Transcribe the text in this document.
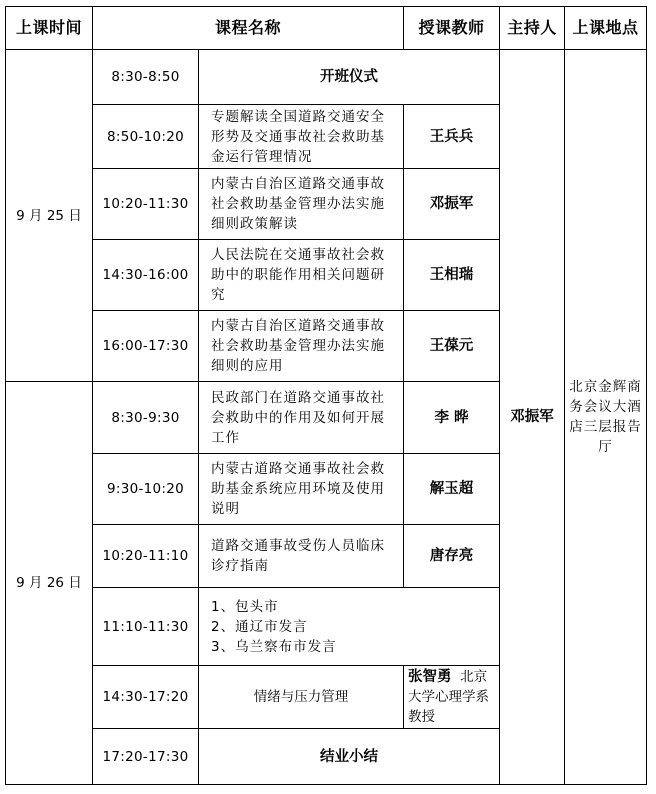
上课时间	课程名称		授课教师	主持人	上课地点
9 月 25 日	8:30-8:50	开班仪式		邓振军	北京金辉商务会议大酒店三层报告厅
	8:50-10:20	专题解读全国道路交通安全形势及交通事故社会救助基金运行管理情况	王兵兵		
	10:20-11:30	内蒙古自治区道路交通事故社会救助基金管理办法实施细则政策解读	邓振军		
	14:30-16:00	人民法院在交通事故社会救助中的职能作用相关问题研究	王相瑞		
	16:00-17:30	内蒙古自治区道路交通事故社会救助基金管理办法实施细则的应用	王葆元		
9 月 26 日	8:30-9:30	民政部门在道路交通事故社会救助中的作用及如何开展工作	李 晔		
	9:30-10:20	内蒙古道路交通事故社会救助基金系统应用环境及使用说明	解玉超		
	10:20-11:10	道路交通事故受伤人员临床诊疗指南	唐存亮		
	11:10-11:30	1、包头市
2、通辽市发言
3、乌兰察布市发言			

	14:30-17:20	情绪与压力管理	张智勇 北京大学心理学系教授		
	17:20-17:30	结业小结			
